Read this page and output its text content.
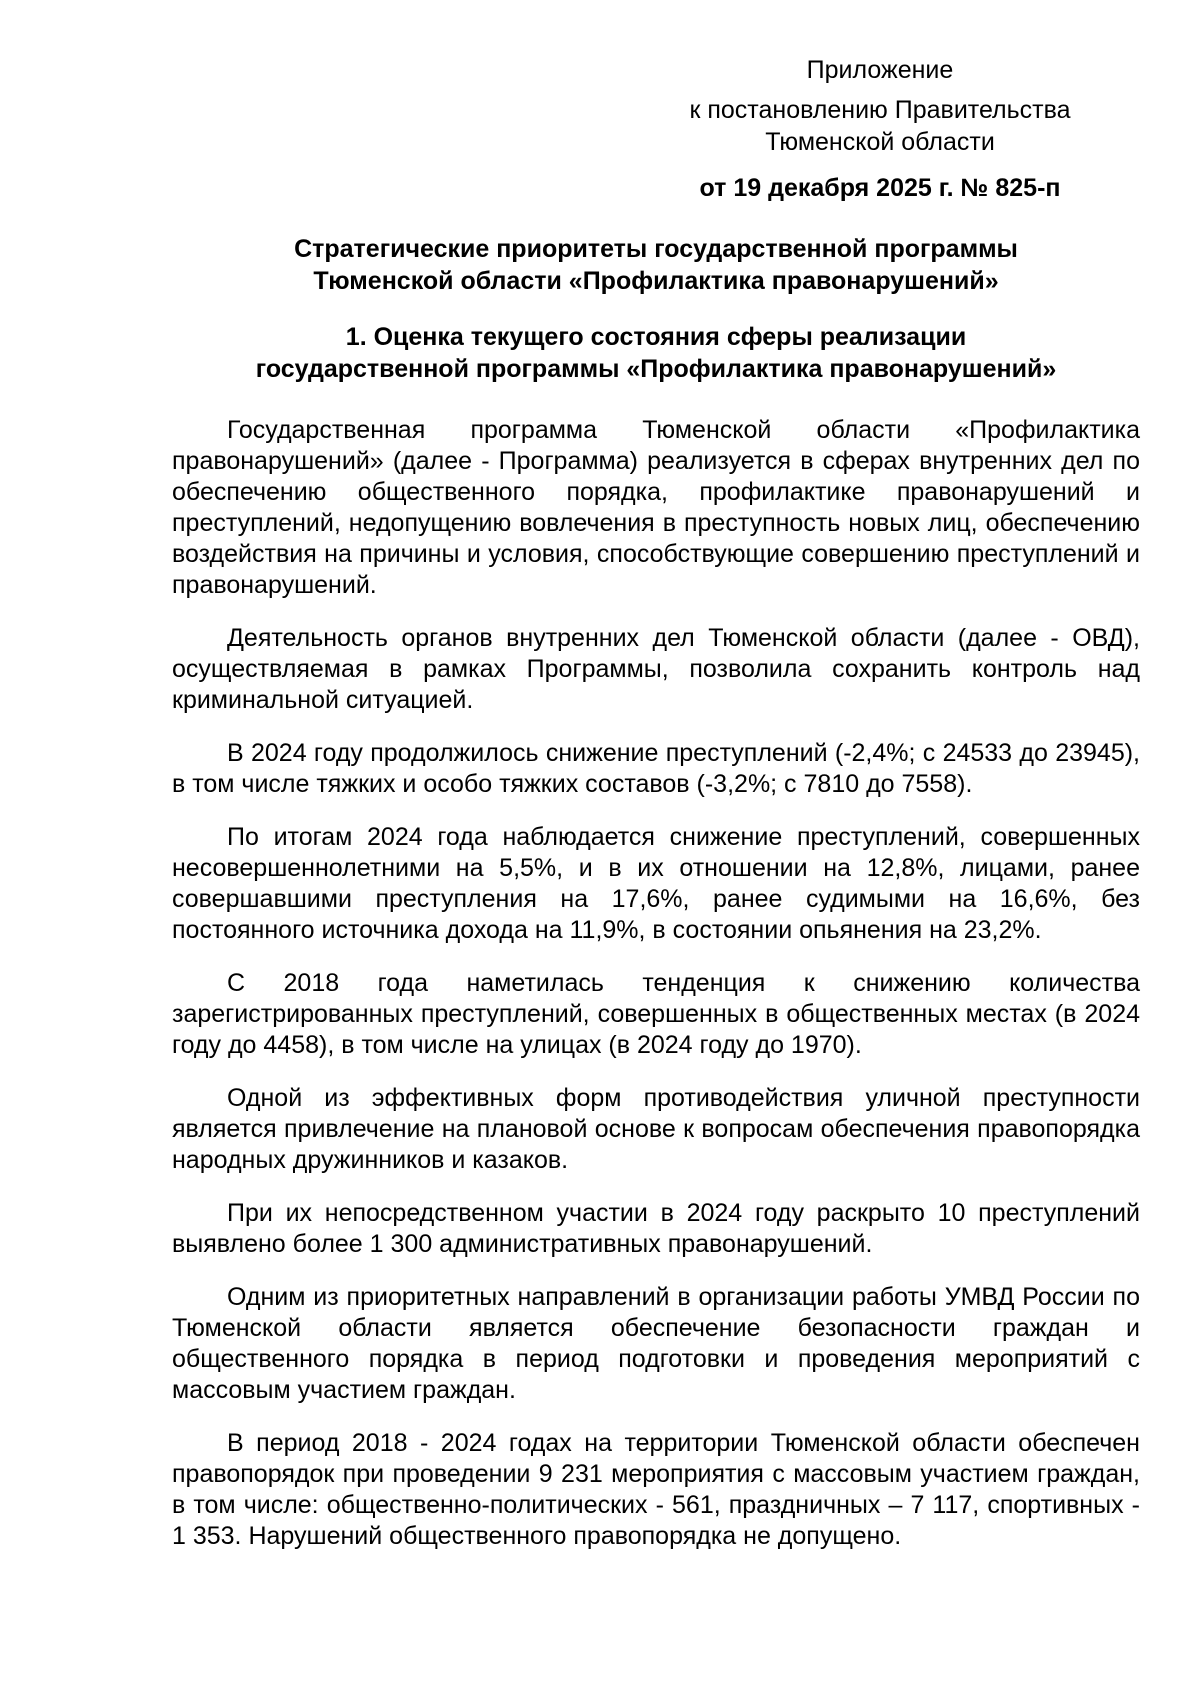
Приложение
к постановлению Правительства
Тюменской области
от 19 декабря 2025 г. № 825-п
Стратегические приоритеты государственной программы
Тюменской области «Профилактика правонарушений»
1. Оценка текущего состояния сферы реализации
государственной программы «Профилактика правонарушений»

Государственная программа Тюменской области «Профилактика правонарушений» (далее - Программа) реализуется в сферах внутренних дел по обеспечению общественного порядка, профилактике правонарушений и преступлений, недопущению вовлечения в преступность новых лиц, обеспечению воздействия на причины и условия, способствующие совершению преступлений и правонарушений.

Деятельность органов внутренних дел Тюменской области (далее - ОВД), осуществляемая в рамках Программы, позволила сохранить контроль над криминальной ситуацией.

В 2024 году продолжилось снижение преступлений (-2,4%; с 24533 до 23945), в том числе тяжких и особо тяжких составов (-3,2%; с 7810 до 7558).

По итогам 2024 года наблюдается снижение преступлений, совершенных несовершеннолетними на 5,5%, и в их отношении на 12,8%, лицами, ранее совершавшими преступления на 17,6%, ранее судимыми на 16,6%, без постоянного источника дохода на 11,9%, в состоянии опьянения на 23,2%.

С 2018 года наметилась тенденция к снижению количества зарегистрированных преступлений, совершенных в общественных местах (в 2024 году до 4458), в том числе на улицах (в 2024 году до 1970).

Одной из эффективных форм противодействия уличной преступности является привлечение на плановой основе к вопросам обеспечения правопорядка народных дружинников и казаков.

При их непосредственном участии в 2024 году раскрыто 10 преступлений выявлено более 1 300 административных правонарушений.

Одним из приоритетных направлений в организации работы УМВД России по Тюменской области является обеспечение безопасности граждан и общественного порядка в период подготовки и проведения мероприятий с массовым участием граждан.

В период 2018 - 2024 годах на территории Тюменской области обеспечен правопорядок при проведении 9 231 мероприятия с массовым участием граждан, в том числе: общественно-политических - 561, праздничных – 7 117, спортивных - 1 353. Нарушений общественного правопорядка не допущено.
